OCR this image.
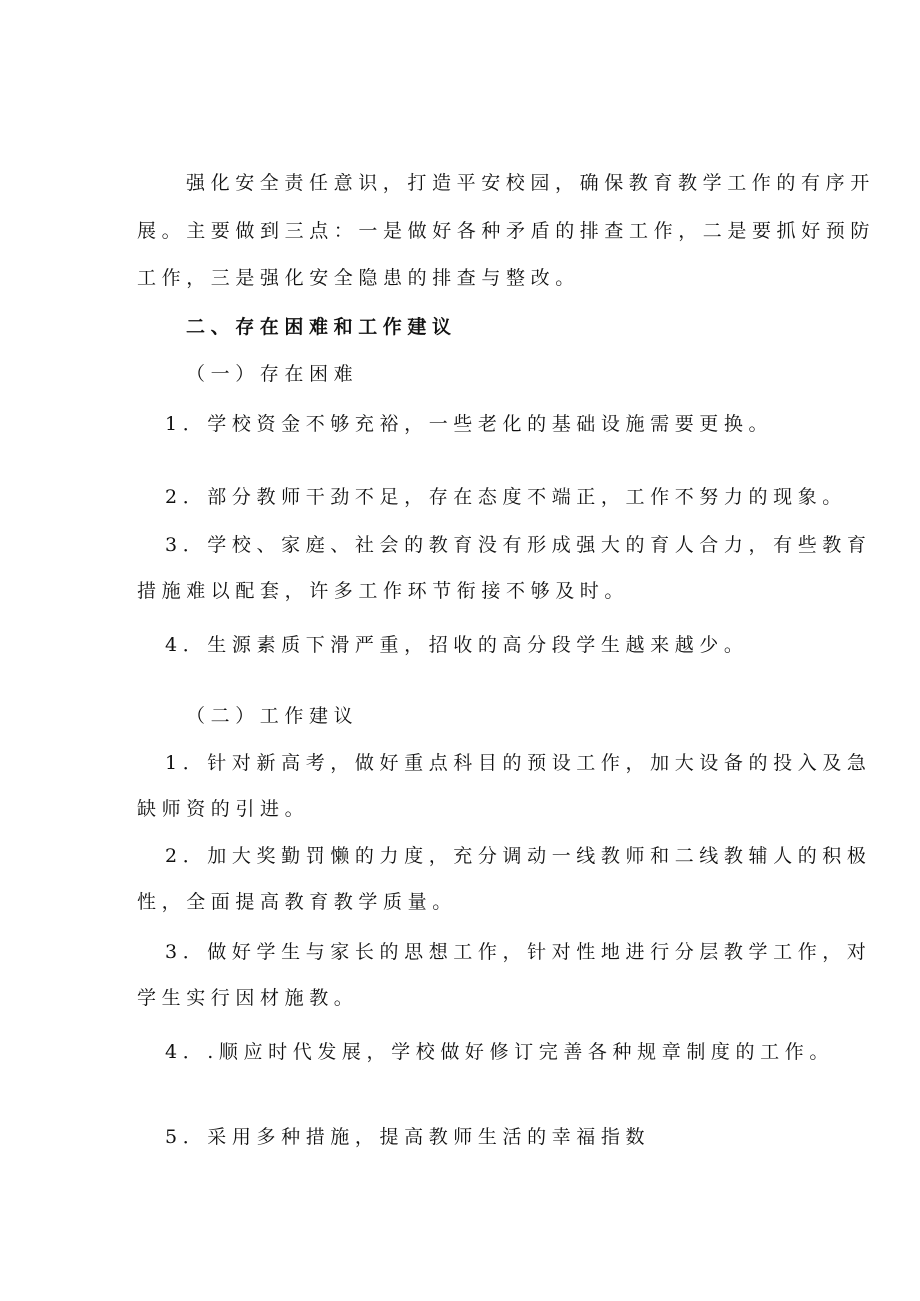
强化安全责任意识，打造平安校园，确保教育教学工作的有序开

展。主要做到三点：一是做好各种矛盾的排查工作，二是要抓好预防

工作，三是强化安全隐患的排查与整改。

二、存在困难和工作建议

（一）存在困难

1．学校资金不够充裕，一些老化的基础设施需要更换。

2．部分教师干劲不足，存在态度不端正，工作不努力的现象。

3．学校、家庭、社会的教育没有形成强大的育人合力，有些教育

措施难以配套，许多工作环节衔接不够及时。

4．生源素质下滑严重，招收的高分段学生越来越少。

（二）工作建议

1．针对新高考，做好重点科目的预设工作，加大设备的投入及急

缺师资的引进。

2．加大奖勤罚懒的力度，充分调动一线教师和二线教辅人的积极

性，全面提高教育教学质量。

3．做好学生与家长的思想工作，针对性地进行分层教学工作，对

学生实行因材施教。

4．.顺应时代发展，学校做好修订完善各种规章制度的工作。

5．采用多种措施，提高教师生活的幸福指数
